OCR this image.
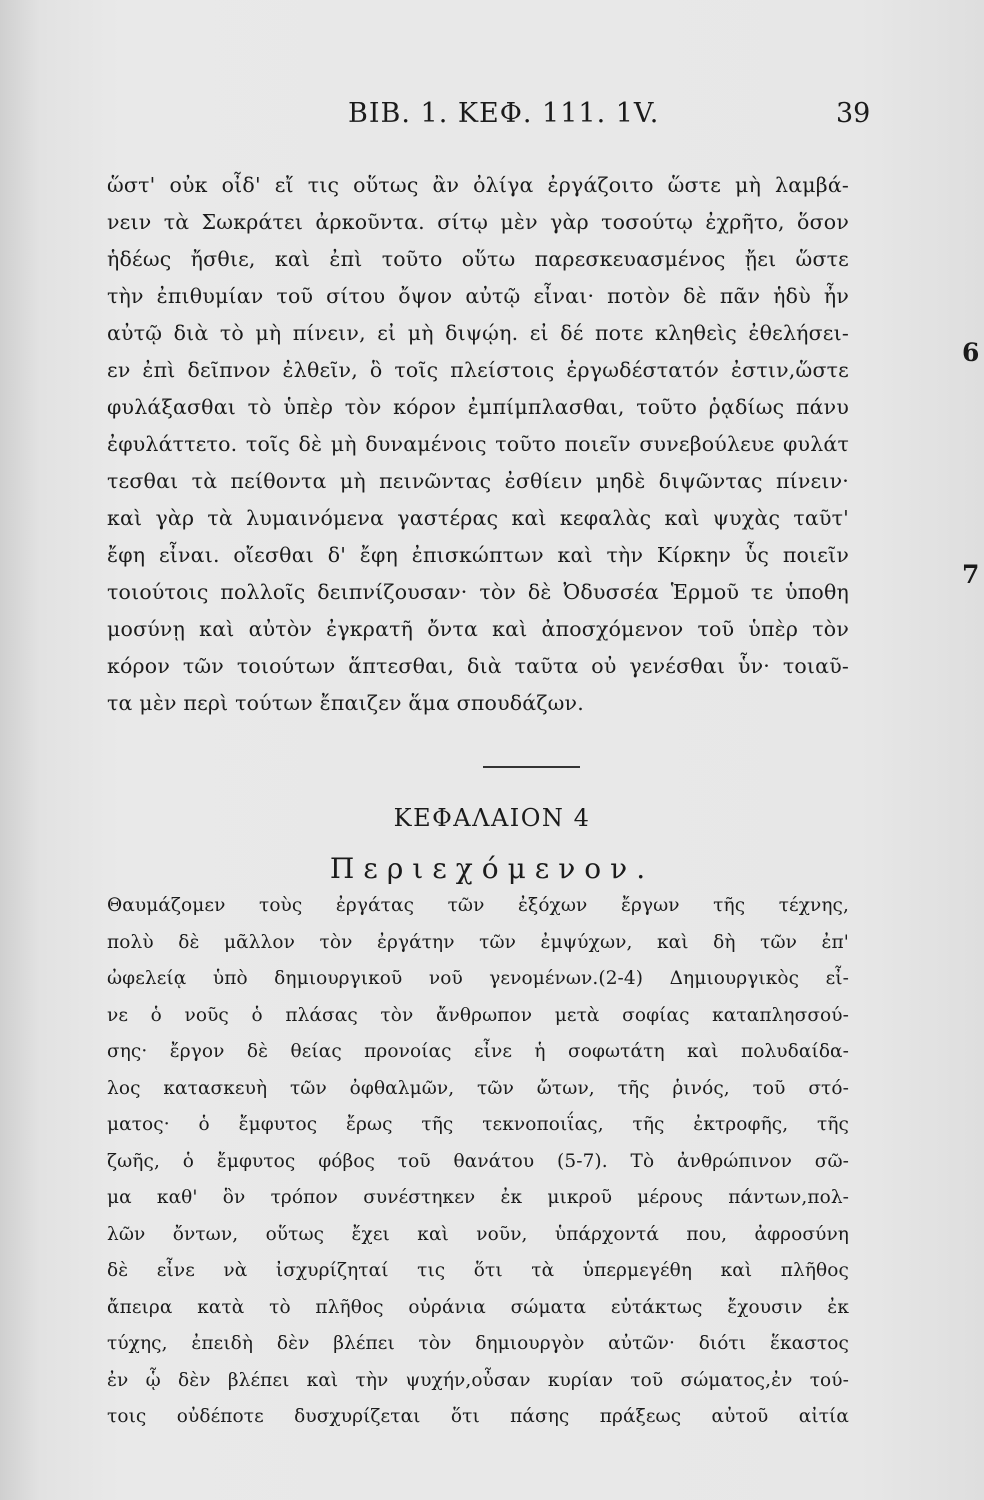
ΒΙΒ. 1. ΚΕΦ. 111. 1V.	39
ὥστ' οὐκ οἶδ' εἴ τις οὕτως ἂν ὀλίγα ἐργάζοιτο ὥστε μὴ λαμβά-
νειν τὰ Σωκράτει ἀρκοῦντα. σίτῳ μὲν γὰρ τοσούτῳ ἐχρῆτο, ὅσον
ἡδέως ἤσθιε, καὶ ἐπὶ τοῦτο οὕτω παρεσκευασμένος ᾔει ὥστε
τὴν ἐπιθυμίαν τοῦ σίτου ὄψον αὐτῷ εἶναι· ποτὸν δὲ πᾶν ἡδὺ ἦν
αὐτῷ διὰ τὸ μὴ πίνειν, εἰ μὴ διψῴη. εἰ δέ ποτε κληθεὶς ἐθελήσει-
εν ἐπὶ δεῖπνον ἐλθεῖν, ὃ τοῖς πλείστοις ἐργωδέστατόν ἐστιν,ὥστε
φυλάξασθαι τὸ ὑπὲρ τὸν κόρον ἐμπίμπλασθαι, τοῦτο ῥᾳδίως πάνυ
ἐφυλάττετο. τοῖς δὲ μὴ δυναμένοις τοῦτο ποιεῖν συνεβούλευε φυλάτ
τεσθαι τὰ πείθοντα μὴ πεινῶντας ἐσθίειν μηδὲ διψῶντας πίνειν·
καὶ γὰρ τὰ λυμαινόμενα γαστέρας καὶ κεφαλὰς καὶ ψυχὰς ταῦτ'
ἔφη εἶναι. οἴεσθαι δ' ἔφη ἐπισκώπτων καὶ τὴν Κίρκην ὗς ποιεῖν
τοιούτοις πολλοῖς δειπνίζουσαν· τὸν δὲ Ὀδυσσέα Ἑρμοῦ τε ὑποθη
μοσύνῃ καὶ αὐτὸν ἐγκρατῆ ὄντα καὶ ἀποσχόμενον τοῦ ὑπὲρ τὸν
κόρον τῶν τοιούτων ἅπτεσθαι, διὰ ταῦτα οὐ γενέσθαι ὗν· τοιαῦ-
τα μὲν περὶ τούτων ἔπαιζεν ἅμα σπουδάζων.
6
7
ΚΕΦΑΛΑΙΟΝ 4
Περιεχόμενον.
Θαυμάζομεν τοὺς ἐργάτας τῶν ἐξόχων ἔργων τῆς τέχνης,
πολὺ δὲ μᾶλλον τὸν ἐργάτην τῶν ἐμψύχων, καὶ δὴ τῶν ἐπ'
ὠφελείᾳ ὑπὸ δημιουργικοῦ νοῦ γενομένων.(2-4) Δημιουργικὸς εἶ-
νε ὁ νοῦς ὁ πλάσας τὸν ἄνθρωπον μετὰ σοφίας καταπλησσού-
σης· ἔργον δὲ θείας προνοίας εἶνε ἡ σοφωτάτη καὶ πολυδαίδα-
λος κατασκευὴ τῶν ὀφθαλμῶν, τῶν ὤτων, τῆς ῥινός, τοῦ στό-
ματος· ὁ ἔμφυτος ἔρως τῆς τεκνοποιΐας, τῆς ἐκτροφῆς, τῆς
ζωῆς, ὁ ἔμφυτος φόβος τοῦ θανάτου (5-7). Τὸ ἀνθρώπινον σῶ-
μα καθ' ὃν τρόπον συνέστηκεν ἐκ μικροῦ μέρους πάντων,πολ-
λῶν ὄντων, οὕτως ἔχει καὶ νοῦν, ὑπάρχοντά που, ἀφροσύνη
δὲ εἶνε νὰ ἰσχυρίζηταί τις ὅτι τὰ ὑπερμεγέθη καὶ πλῆθος
ἄπειρα κατὰ τὸ πλῆθος οὐράνια σώματα εὐτάκτως ἔχουσιν ἐκ
τύχης, ἐπειδὴ δὲν βλέπει τὸν δημιουργὸν αὐτῶν· διότι ἕκαστος
ἐν ᾧ δὲν βλέπει καὶ τὴν ψυχήν,οὖσαν κυρίαν τοῦ σώματος,ἐν τού-
τοις οὐδέποτε δυσχυρίζεται ὅτι πάσης πράξεως αὐτοῦ αἰτία
